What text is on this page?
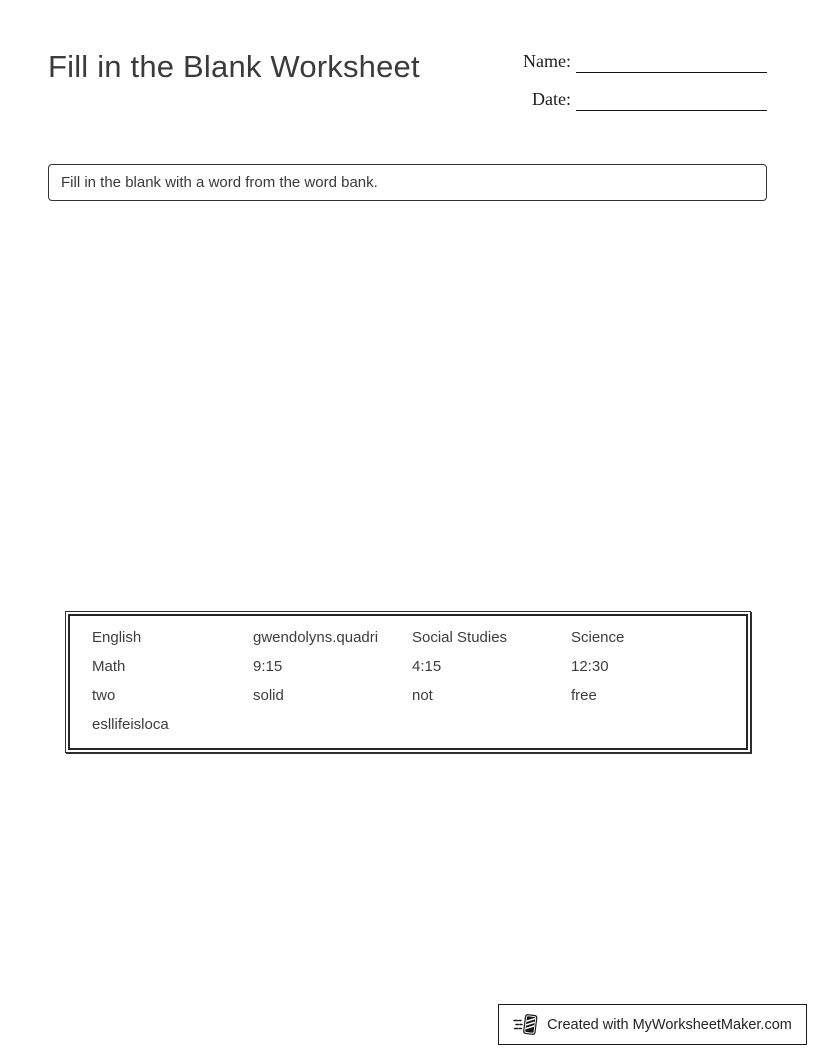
Fill in the Blank Worksheet	Name:
Date:
Fill in the blank with a word from the word bank.
English	gwendolyns.quadri	Social Studies	Science
Math	9:15	4:15	12:30
two	solid	not	free
esllifeisloca
Created with MyWorksheetMaker.com
